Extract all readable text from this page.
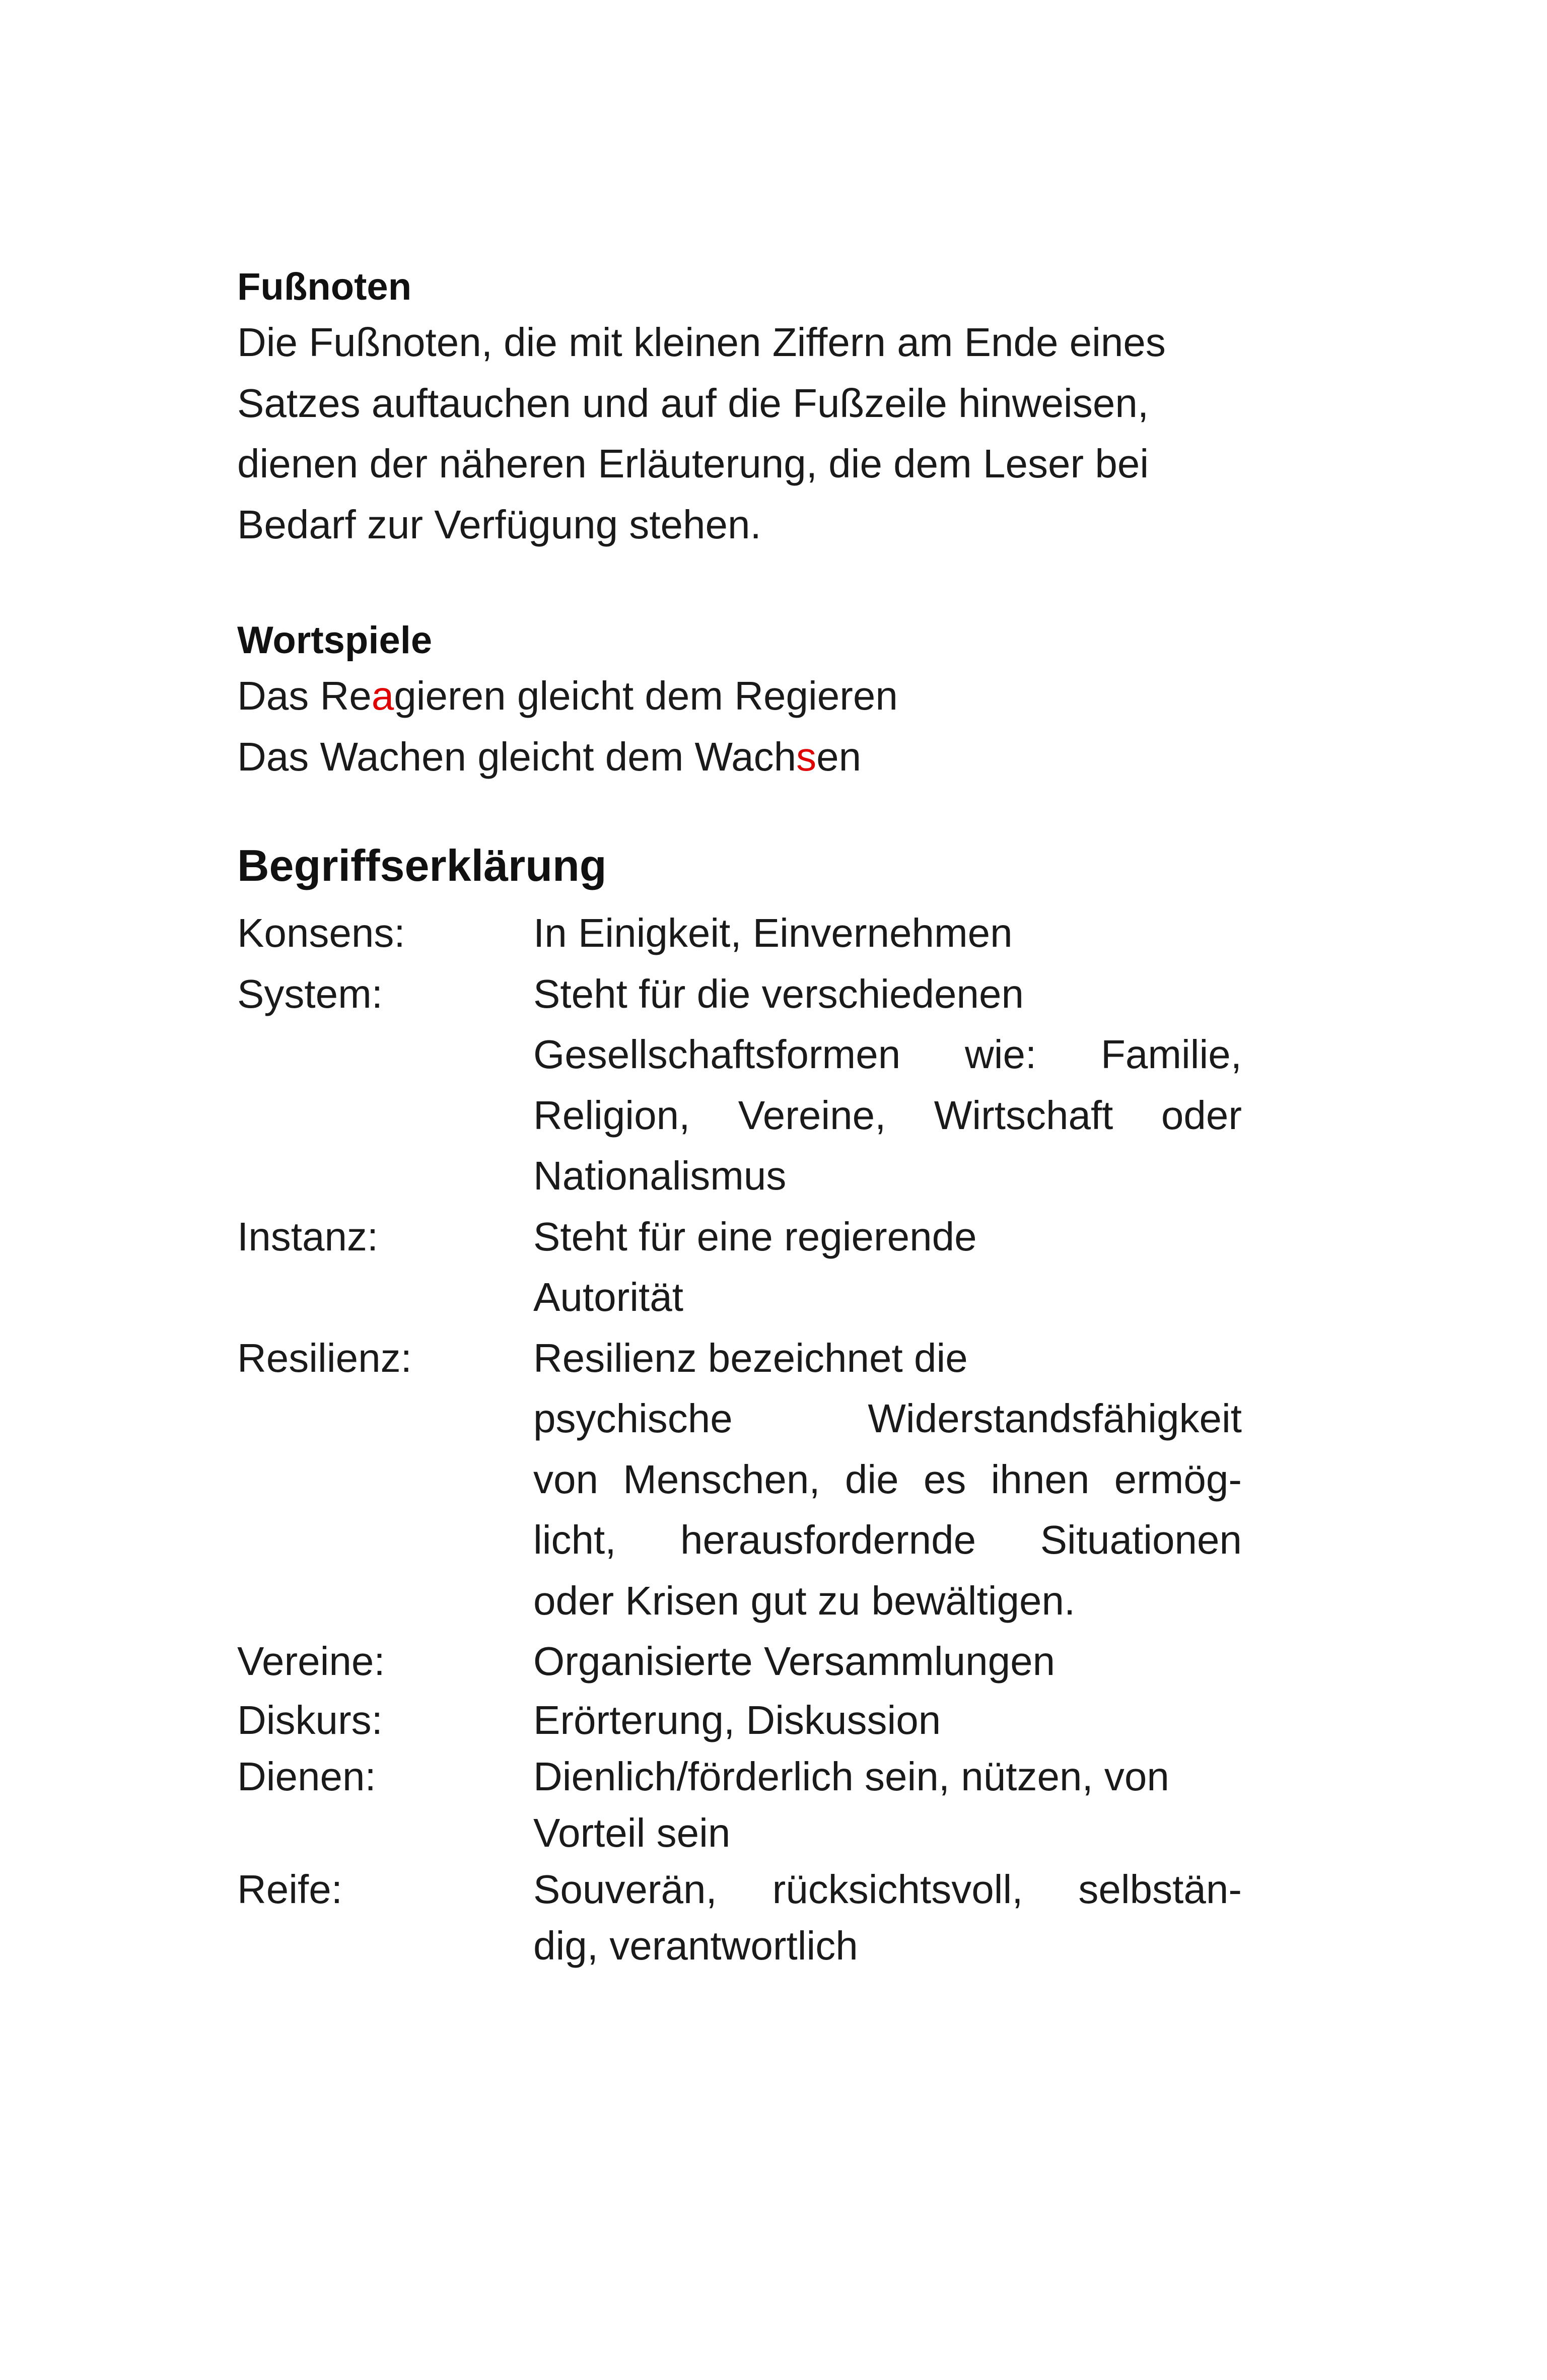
Fußnoten

Die Fußnoten, die mit kleinen Ziffern am Ende eines
Satzes auftauchen und auf die Fußzeile hinweisen,
dienen der näheren Erläuterung, die dem Leser bei
Bedarf zur Verfügung stehen.

Wortspiele

Das Reagieren gleicht dem Regieren
Das Wachen gleicht dem Wachsen

Begriffserklärung
Konsens:	In Einigkeit, Einvernehmen
System:	Steht für die verschiedenen
Gesellschaftsformen wie: Familie,
Religion, Vereine, Wirtschaft oder
Nationalismus
Instanz:	Steht für eine regierende
Autorität
Resilienz:	Resilienz bezeichnet die
psychische Widerstandsfähigkeit
von Menschen, die es ihnen ermög-
licht, herausfordernde Situationen
oder Krisen gut zu bewältigen.
Vereine:	Organisierte Versammlungen
Diskurs:	Erörterung, Diskussion
Dienen:	Dienlich/förderlich sein, nützen, von
Vorteil sein
Reife:	Souverän, rücksichtsvoll, selbstän-
dig, verantwortlich
